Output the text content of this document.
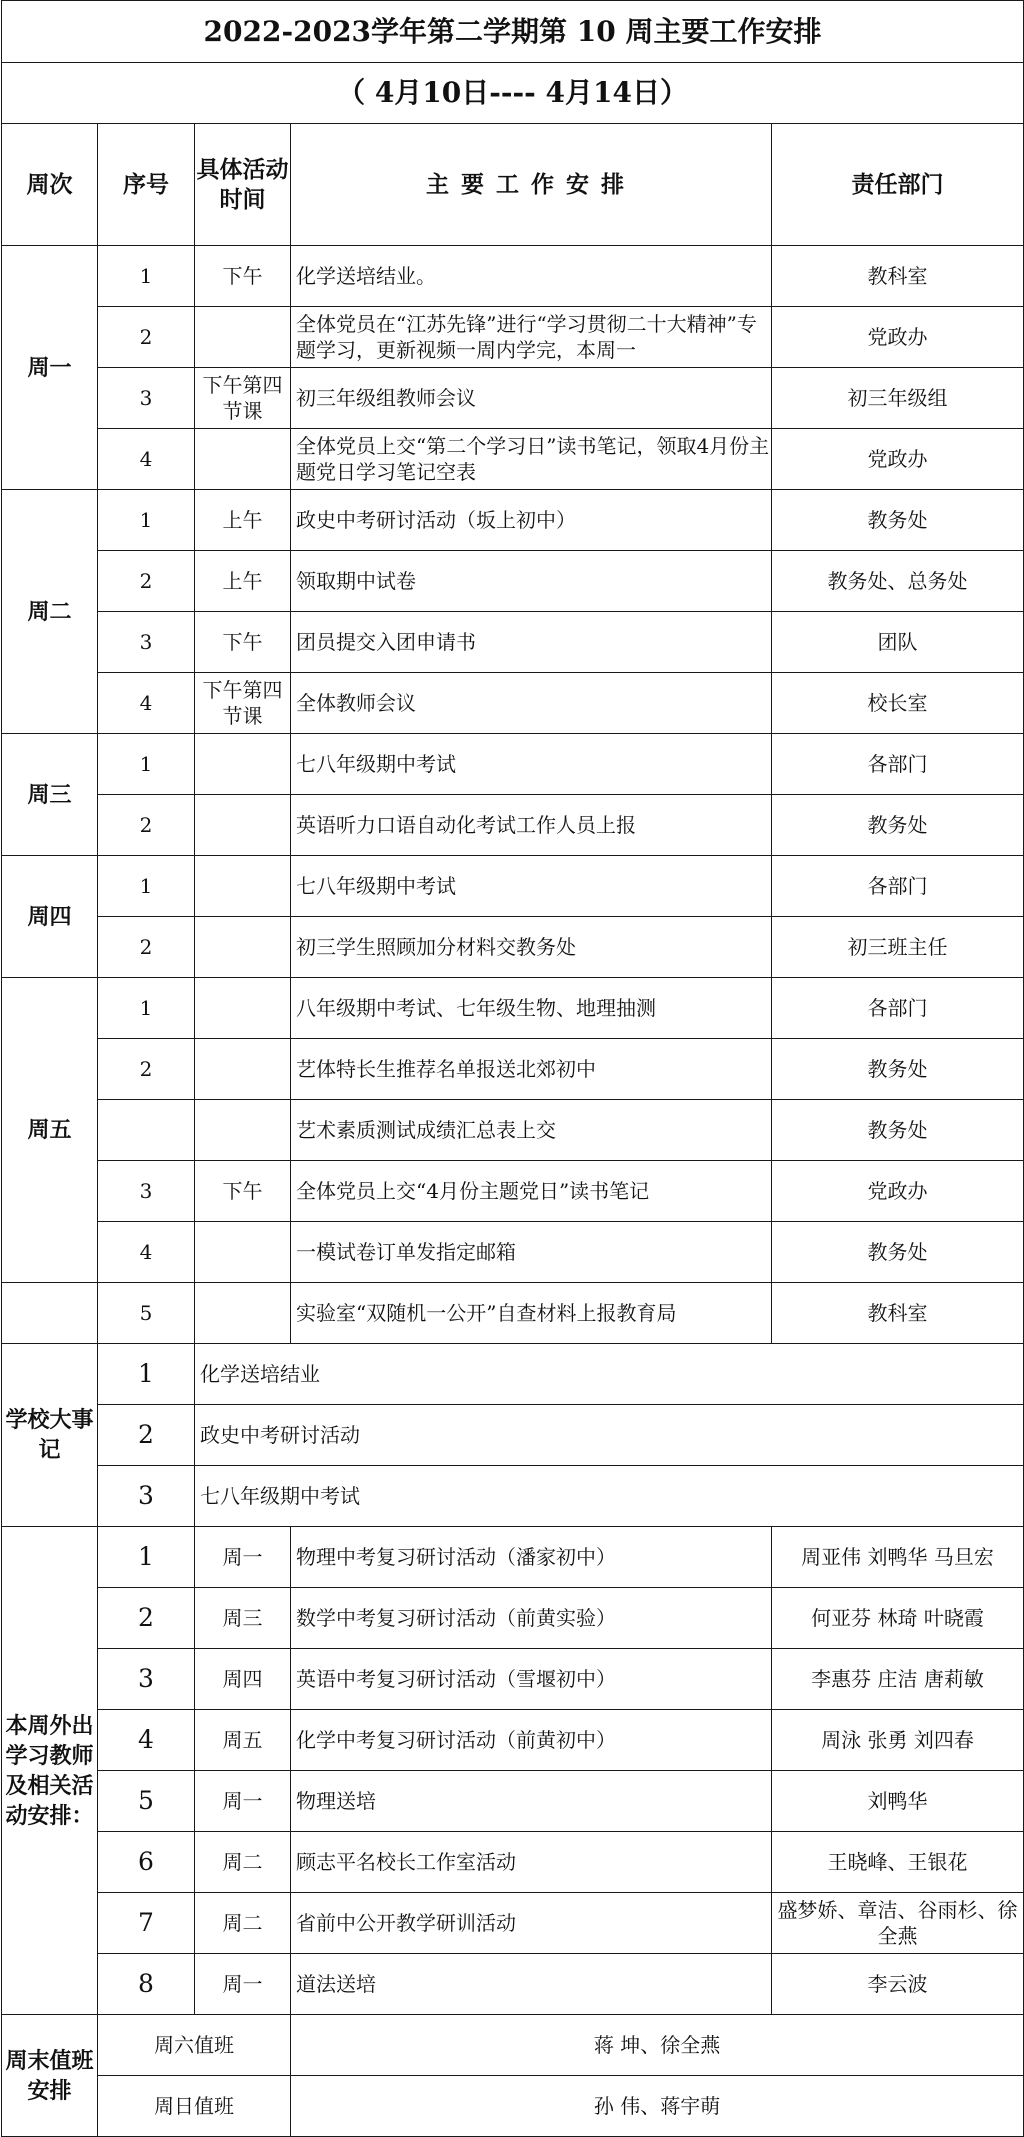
2022-2023学年第二学期第 10 周主要工作安排				
（ 4月10日---- 4月14日）				
周次	序号	具体活动时间	主要工作安排	责任部门
周一	1	下午	化学送培结业。	教科室
	2		全体党员在“江苏先锋”进行“学习贯彻二十大精神”专题学习，更新视频一周内学完，本周一	党政办
	3	下午第四节课	初三年级组教师会议	初三年级组
	4		全体党员上交“第二个学习日”读书笔记，领取4月份主题党日学习笔记空表	党政办
周二	1	上午	政史中考研讨活动（坂上初中）	教务处
	2	上午	领取期中试卷	教务处、总务处
	3	下午	团员提交入团申请书	团队
	4	下午第四节课	全体教师会议	校长室
周三	1		七八年级期中考试	各部门
	2		英语听力口语自动化考试工作人员上报	教务处
周四	1		七八年级期中考试	各部门
	2		初三学生照顾加分材料交教务处	初三班主任
周五	1		八年级期中考试、七年级生物、地理抽测	各部门
	2		艺体特长生推荐名单报送北郊初中	教务处
			艺术素质测试成绩汇总表上交	教务处
	3	下午	全体党员上交“4月份主题党日”读书笔记	党政办
	4		一模试卷订单发指定邮箱	教务处
	5		实验室“双随机一公开”自查材料上报教育局	教科室
学校大事记	1	化学送培结业		
	2	政史中考研讨活动		
	3	七八年级期中考试		
本周外出学习教师及相关活动安排：	1	周一	物理中考复习研讨活动（潘家初中）	周亚伟 刘鸭华 马旦宏
	2	周三	数学中考复习研讨活动（前黄实验）	何亚芬 林琦 叶晓霞
	3	周四	英语中考复习研讨活动（雪堰初中）	李惠芬 庄洁 唐莉敏
	4	周五	化学中考复习研讨活动（前黄初中）	周泳 张勇 刘四春
	5	周一	物理送培	刘鸭华
	6	周二	顾志平名校长工作室活动	王晓峰、王银花
	7	周二	省前中公开教学研训活动	盛梦娇、章洁、谷雨杉、徐全燕
	8	周一	道法送培	李云波
周末值班安排	周六值班		蒋 坤、徐全燕	
	周日值班		孙 伟、蒋宇萌	
